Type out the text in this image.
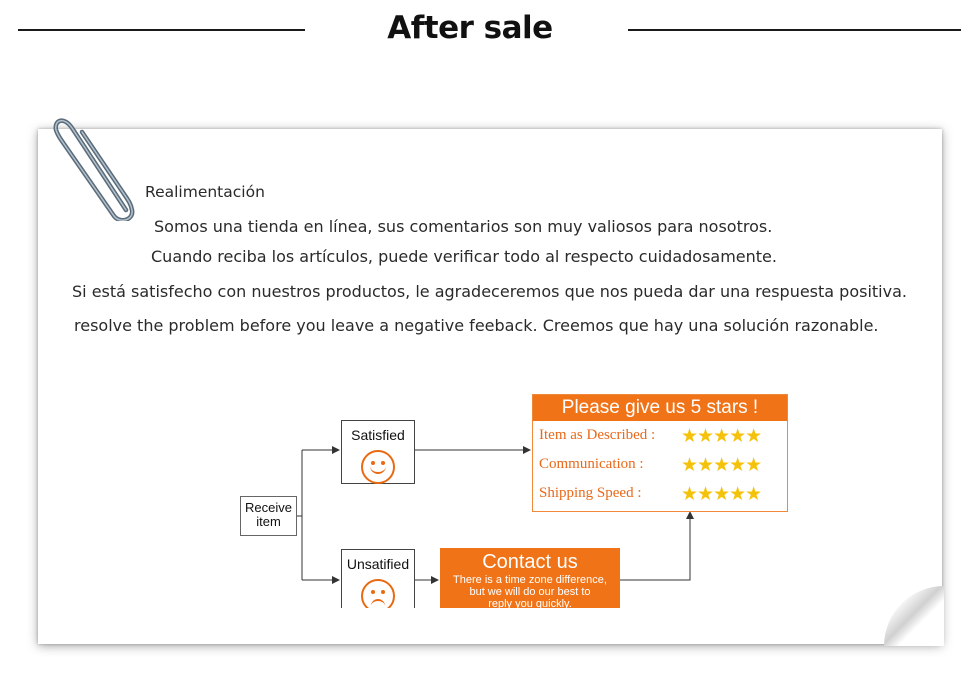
After sale
Realimentación
Somos una tienda en línea, sus comentarios son muy valiosos para nosotros.
Cuando reciba los artículos, puede verificar todo al respecto cuidadosamente.
Si está satisfecho con nuestros productos, le agradeceremos que nos pueda dar una respuesta positiva.
resolve the problem before you leave a negative feeback. Creemos que hay una solución razonable.
Receive
item
Satisfied
Unsatified	Contact us
There is a time zone difference,
but we will do our best to
reply you quickly.
Please give us 5 stars !
Item as Described : ★★★★★
Communication : ★★★★★
Shipping Speed : ★★★★★
